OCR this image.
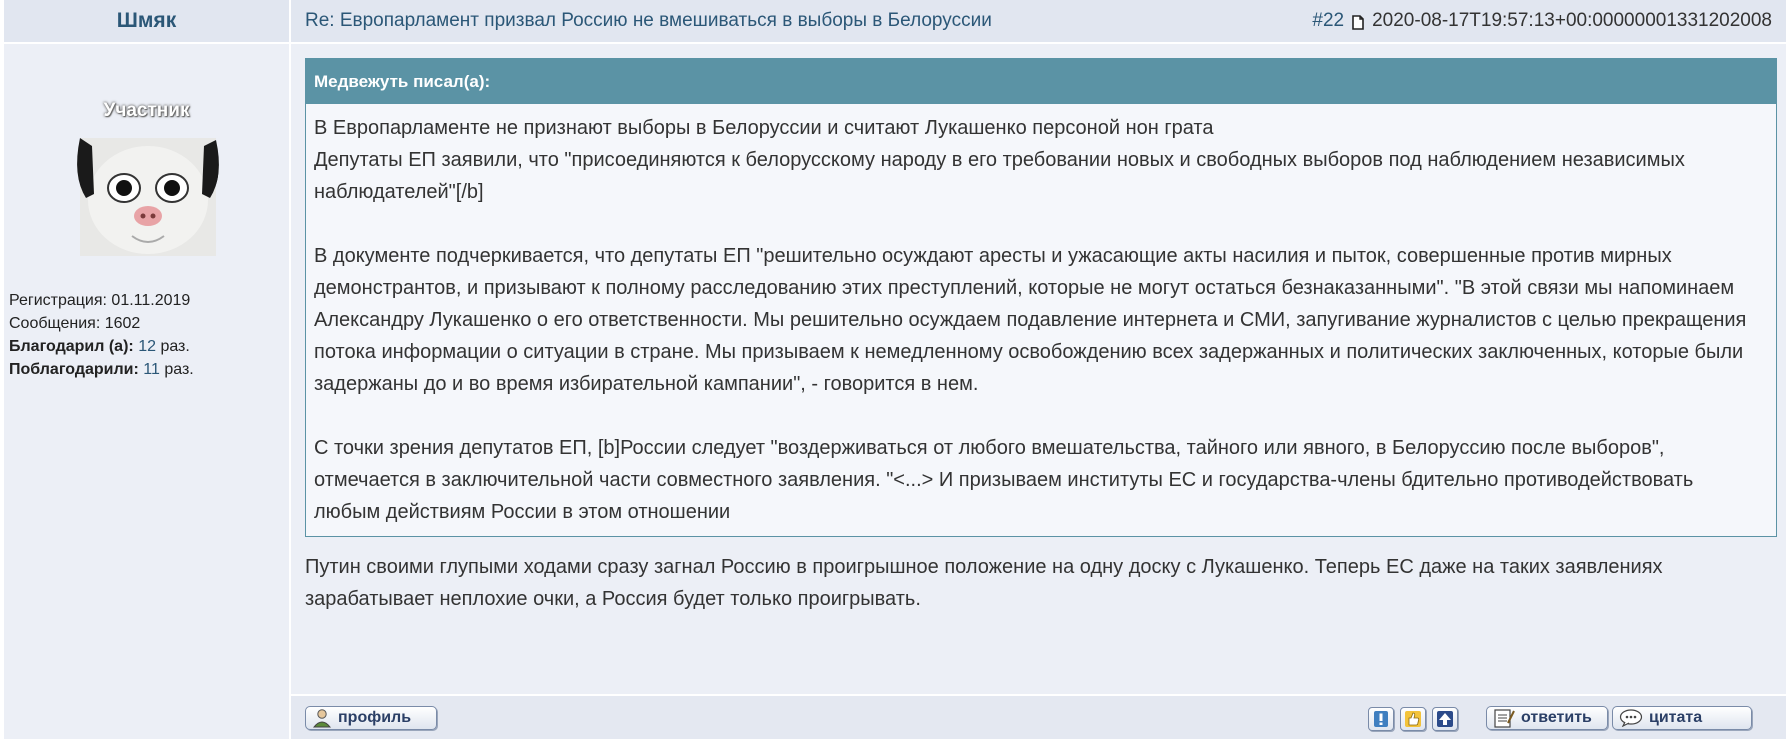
Шмяк	Re: Европарламент призвал Россию не вмешиваться в выборы в Белоруссии	#22 2020-08-17T19:57:13+00:00000001331202008
Участник
Регистрация: 01.11.2019
Сообщения: 1602
Благодарил (а): 12 раз.
Поблагодарили: 11 раз.
Медвежуть писал(а):

В Европарламенте не признают выборы в Белоруссии и считают Лукашенко персоной нон грата
Депутаты ЕП заявили, что "присоединяются к белорусскому народу в его требовании новых и свободных выборов под наблюдением независимых наблюдателей"[/b]

В документе подчеркивается, что депутаты ЕП "решительно осуждают аресты и ужасающие акты насилия и пыток, совершенные против мирных демонстрантов, и призывают к полному расследованию этих преступлений, которые не могут остаться безнаказанными". "В этой связи мы напоминаем Александру Лукашенко о его ответственности. Мы решительно осуждаем подавление интернета и СМИ, запугивание журналистов с целью прекращения потока информации о ситуации в стране. Мы призываем к немедленному освобождению всех задержанных и политических заключенных, которые были задержаны до и во время избирательной кампании", - говорится в нем.

С точки зрения депутатов ЕП, [b]России следует "воздерживаться от любого вмешательства, тайного или явного, в Белоруссию после выборов", отмечается в заключительной части совместного заявления. "<...> И призываем институты ЕС и государства-члены бдительно противодействовать любым действиям России в этом отношении

Путин своими глупыми ходами сразу загнал Россию в проигрышное положение на одну доску с Лукашенко. Теперь ЕС даже на таких заявлениях зарабатывает неплохие очки, а Россия будет только проигрывать.
профиль	ответить	цитата
